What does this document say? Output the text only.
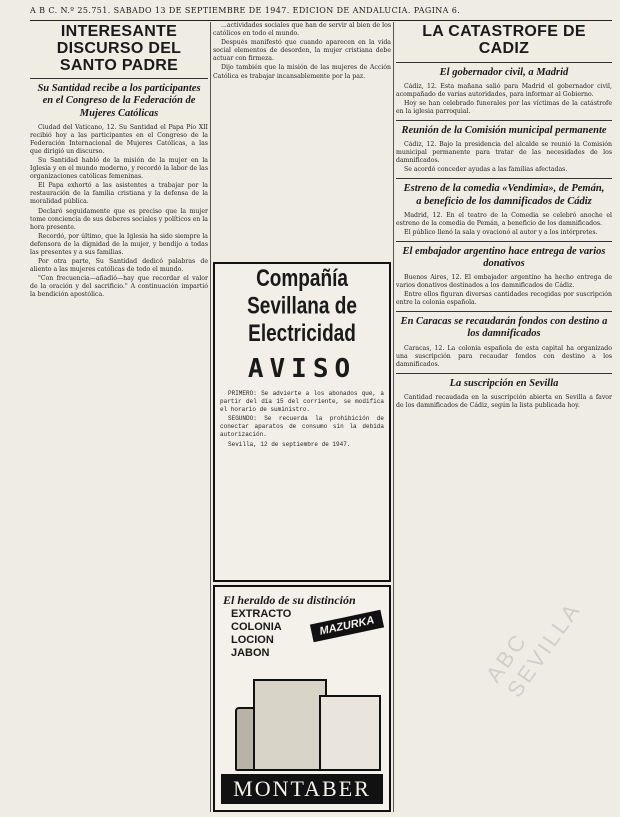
A B C. N.º 25.751. SABADO 13 DE SEPTIEMBRE DE 1947. EDICION DE ANDALUCIA. PAGINA 6.
INTERESANTE DISCURSO DEL SANTO PADRE
Su Santidad recibe a los participantes en el Congreso de la Federación de Mujeres Católicas

Ciudad del Vaticano, 12. Su Santidad el Papa Pío XII recibió hoy a las participantes en el Congreso de la Federación Internacional de Mujeres Católicas, a las que dirigió un discurso.

Su Santidad habló de la misión de la mujer en la Iglesia y en el mundo moderno, y recordó la labor de las organizaciones católicas femeninas.

El Papa exhortó a las asistentes a trabajar por la restauración de la familia cristiana y la defensa de la moralidad pública.

Declaró seguidamente que es preciso que la mujer tome conciencia de sus deberes sociales y políticos en la hora presente.

Recordó, por último, que la Iglesia ha sido siempre la defensora de la dignidad de la mujer, y bendijo a todas las presentes y a sus familias.

Por otra parte, Su Santidad dedicó palabras de aliento a las mujeres católicas de todo el mundo.

"Con frecuencia—añadió—hay que recordar el valor de la oración y del sacrificio." A continuación impartió la bendición apostólica.

...actividades sociales que han de servir al bien de los católicos en todo el mundo.

Después manifestó que cuando aparecen en la vida social elementos de desorden, la mujer cristiana debe actuar con firmeza.

Dijo también que la misión de las mujeres de Acción Católica es trabajar incansablemente por la paz.

Compañía Sevillana de Electricidad
AVISO

PRIMERO: Se advierte a los abonados que, a partir del día 15 del corriente, se modifica el horario de suministro.

SEGUNDO: Se recuerda la prohibición de conectar aparatos de consumo sin la debida autorización.

Sevilla, 12 de septiembre de 1947.

El heraldo de su distinción
EXTRACTO
COLONIA
LOCION
JABON
MAZURKA
MONTABER
LA CATASTROFE DE CADIZ
El gobernador civil, a Madrid

Cádiz, 12. Esta mañana salió para Madrid el gobernador civil, acompañado de varias autoridades, para informar al Gobierno.

Hoy se han celebrado funerales por las víctimas de la catástrofe en la iglesia parroquial.

Reunión de la Comisión municipal permanente

Cádiz, 12. Bajo la presidencia del alcalde se reunió la Comisión municipal permanente para tratar de las necesidades de los damnificados.

Se acordó conceder ayudas a las familias afectadas.

Estreno de la comedia «Vendimia», de Pemán, a beneficio de los damnificados de Cádiz

Madrid, 12. En el teatro de la Comedia se celebró anoche el estreno de la comedia de Pemán, a beneficio de los damnificados.

El público llenó la sala y ovacionó al autor y a los intérpretes.

El embajador argentino hace entrega de varios donativos

Buenos Aires, 12. El embajador argentino ha hecho entrega de varios donativos destinados a los damnificados de Cádiz.

Entre ellos figuran diversas cantidades recogidas por suscripción entre la colonia española.

En Caracas se recaudarán fondos con destino a los damnificados

Caracas, 12. La colonia española de esta capital ha organizado una suscripción para recaudar fondos con destino a los damnificados.

La suscripción en Sevilla

Cantidad recaudada en la suscripción abierta en Sevilla a favor de los damnificados de Cádiz, según la lista publicada hoy.

ABC SEVILLA
